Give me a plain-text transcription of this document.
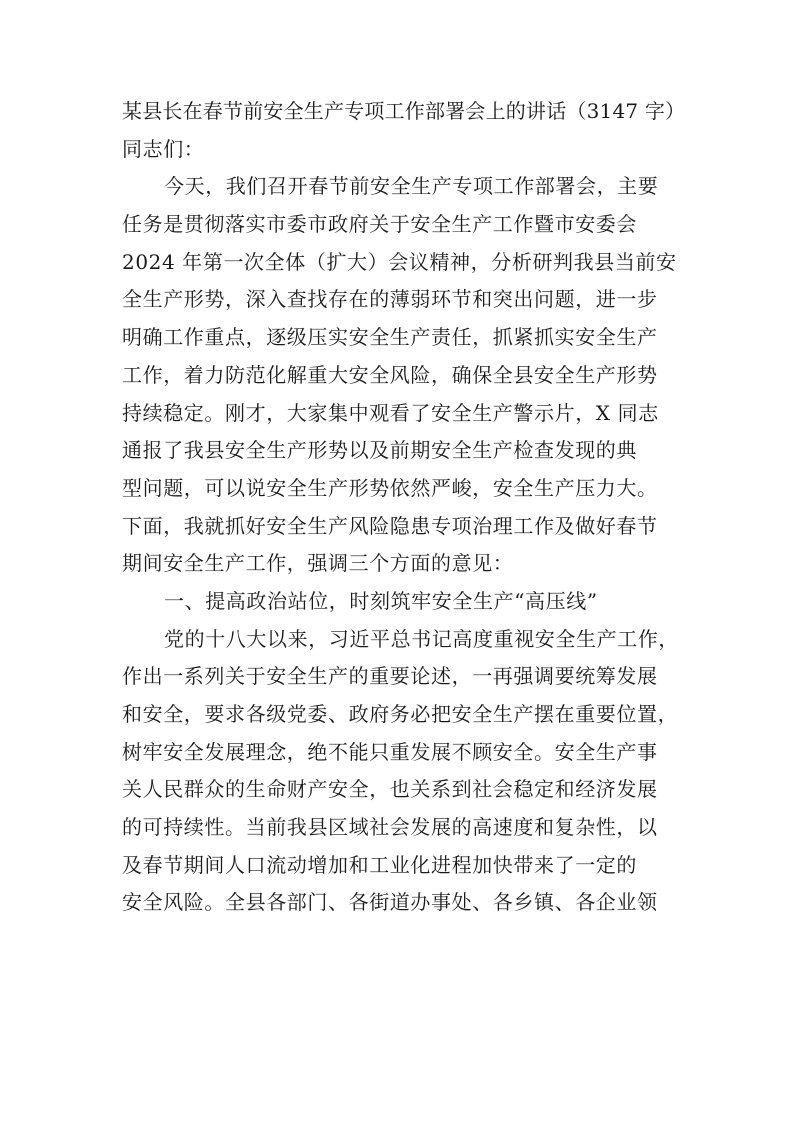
某县长在春节前安全生产专项工作部署会上的讲话（3147 字）
同志们：
今天，我们召开春节前安全生产专项工作部署会，主要
任务是贯彻落实市委市政府关于安全生产工作暨市安委会
2024 年第一次全体（扩大）会议精神，分析研判我县当前安
全生产形势，深入查找存在的薄弱环节和突出问题，进一步
明确工作重点，逐级压实安全生产责任，抓紧抓实安全生产
工作，着力防范化解重大安全风险，确保全县安全生产形势
持续稳定。刚才，大家集中观看了安全生产警示片，X 同志
通报了我县安全生产形势以及前期安全生产检查发现的典
型问题，可以说安全生产形势依然严峻，安全生产压力大。
下面，我就抓好安全生产风险隐患专项治理工作及做好春节
期间安全生产工作，强调三个方面的意见：
一、提高政治站位，时刻筑牢安全生产“高压线”
党的十八大以来，习近平总书记高度重视安全生产工作，
作出一系列关于安全生产的重要论述，一再强调要统筹发展
和安全，要求各级党委、政府务必把安全生产摆在重要位置，
树牢安全发展理念，绝不能只重发展不顾安全。安全生产事
关人民群众的生命财产安全，也关系到社会稳定和经济发展
的可持续性。当前我县区域社会发展的高速度和复杂性，以
及春节期间人口流动增加和工业化进程加快带来了一定的
安全风险。全县各部门、各街道办事处、各乡镇、各企业领
